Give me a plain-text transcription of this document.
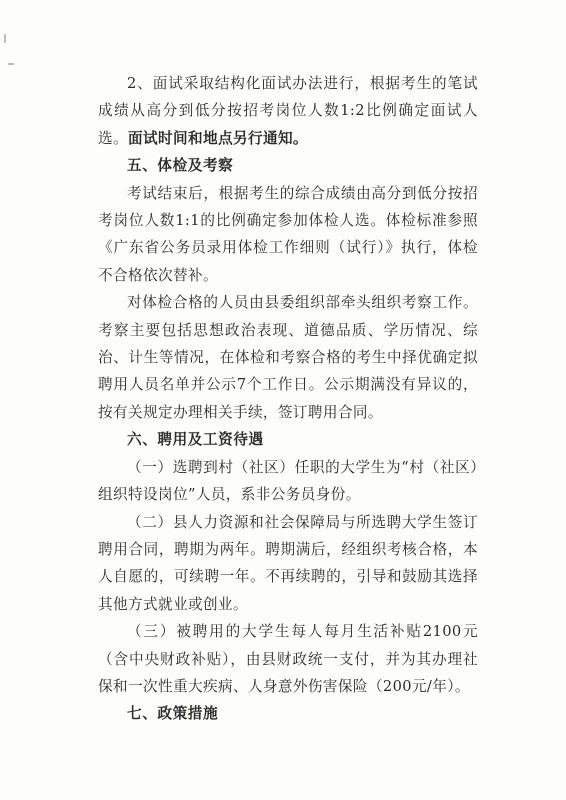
2、面试采取结构化面试办法进行，根据考生的笔试成绩从高分到低分按招考岗位人数1:2比例确定面试人选。面试时间和地点另行通知。

五、体检及考察

考试结束后，根据考生的综合成绩由高分到低分按招考岗位人数1:1的比例确定参加体检人选。体检标准参照《广东省公务员录用体检工作细则（试行）》执行，体检不合格依次替补。

对体检合格的人员由县委组织部牵头组织考察工作。考察主要包括思想政治表现、道德品质、学历情况、综治、计生等情况，在体检和考察合格的考生中择优确定拟聘用人员名单并公示7个工作日。公示期满没有异议的，按有关规定办理相关手续，签订聘用合同。

六、聘用及工资待遇

（一）选聘到村（社区）任职的大学生为“村（社区）组织特设岗位”人员，系非公务员身份。

（二）县人力资源和社会保障局与所选聘大学生签订聘用合同，聘期为两年。聘期满后，经组织考核合格，本人自愿的，可续聘一年。不再续聘的，引导和鼓励其选择其他方式就业或创业。

（三）被聘用的大学生每人每月生活补贴2100元（含中央财政补贴），由县财政统一支付，并为其办理社保和一次性重大疾病、人身意外伤害保险（200元/年）。

七、政策措施
